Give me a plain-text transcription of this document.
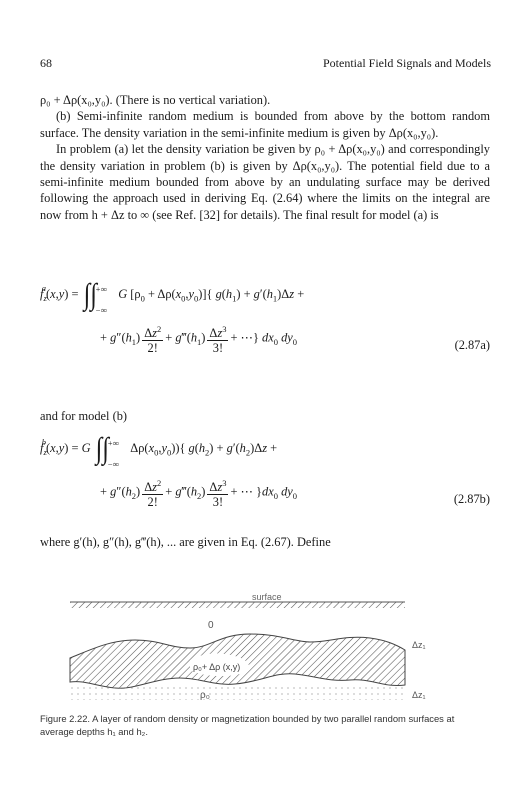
68	Potential Field Signals and Models

ρ₀ + Δρ(x₀,y₀). (There is no vertical variation).

(b) Semi-infinite random medium is bounded from above by the bottom random surface. The density variation in the semi-infinite medium is given by Δρ(x₀,y₀).

In problem (a) let the density variation be given by ρ₀ + Δρ(x₀,y₀) and correspondingly the density variation in problem (b) is given by Δρ(x₀,y₀). The potential field due to a semi-infinite medium bounded from above by an undulating surface may be derived following the approach used in deriving Eq. (2.64) where the limits on the integral are now from h + Δz to ∞ (see Ref. [32] for details). The final result for model (a) is

$f_z^a(x,y)$ = ∫∫
+∞
−∞
G $[\rho_0 + \Delta\rho(x_0,y_0)]${ $g(h_1) + g'(h_1)\Delta z$ +
+ $g''(h_1) \frac{\Delta z^2}{2!}$ + $g‴(h_1) \frac{\Delta z^3}{3!}$ + ⋯} $dx_0$ $dy_0$	(2.87a)

and for model (b)

$f_z^b(x,y) = G$ ∫∫
+∞
−∞
$\Delta\rho(x_0,y_0)$){ $g(h_2) + g'(h_2)\Delta z$ +
+ $g''(h_2) \frac{\Delta z^2}{2!}$ + $g‴(h_2) \frac{\Delta z^3}{3!}$ + ⋯ }$dx_0$ $dy_0$	(2.87b)

where g′(h), g″(h), g‴(h), ... are given in Eq. (2.67). Define

surface
0
ρ₀+ Δρ (x,y)
Δz₁
ρ₀	Δz₁
Figure 2.22. A layer of random density or magnetization bounded by two parallel random surfaces at average depths h₁ and h₂.
